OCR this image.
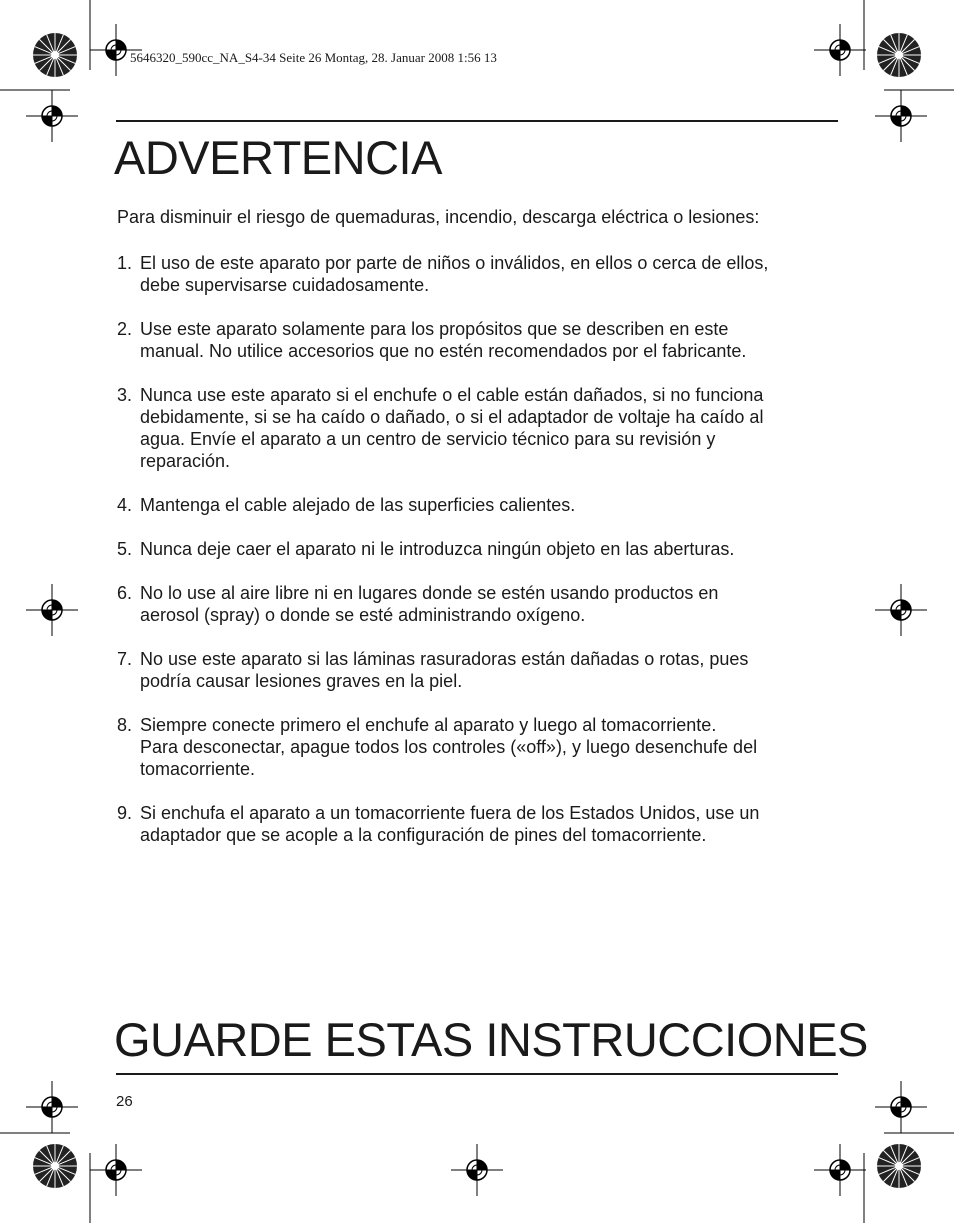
5646320_590cc_NA_S4-34 Seite 26 Montag, 28. Januar 2008 1:56 13
ADVERTENCIA
Para disminuir el riesgo de quemaduras, incendio, descarga eléctrica o lesiones:
1. El uso de este aparato por parte de niños o inválidos, en ellos o cerca de ellos,
debe supervisarse cuidadosamente.
2. Use este aparato solamente para los propósitos que se describen en este
manual. No utilice accesorios que no estén recomendados por el fabricante.
3. Nunca use este aparato si el enchufe o el cable están dañados, si no funciona
debidamente, si se ha caído o dañado, o si el adaptador de voltaje ha caído al
agua. Envíe el aparato a un centro de servicio técnico para su revisión y
reparación.
4. Mantenga el cable alejado de las superficies calientes.
5. Nunca deje caer el aparato ni le introduzca ningún objeto en las aberturas.
6. No lo use al aire libre ni en lugares donde se estén usando productos en
aerosol (spray) o donde se esté administrando oxígeno.
7. No use este aparato si las láminas rasuradoras están dañadas o rotas, pues
podría causar lesiones graves en la piel.
8. Siempre conecte primero el enchufe al aparato y luego al tomacorriente.
Para desconectar, apague todos los controles («off»), y luego desenchufe del
tomacorriente.
9. Si enchufa el aparato a un tomacorriente fuera de los Estados Unidos, use un
adaptador que se acople a la configuración de pines del tomacorriente.
GUARDE ESTAS INSTRUCCIONES
26
